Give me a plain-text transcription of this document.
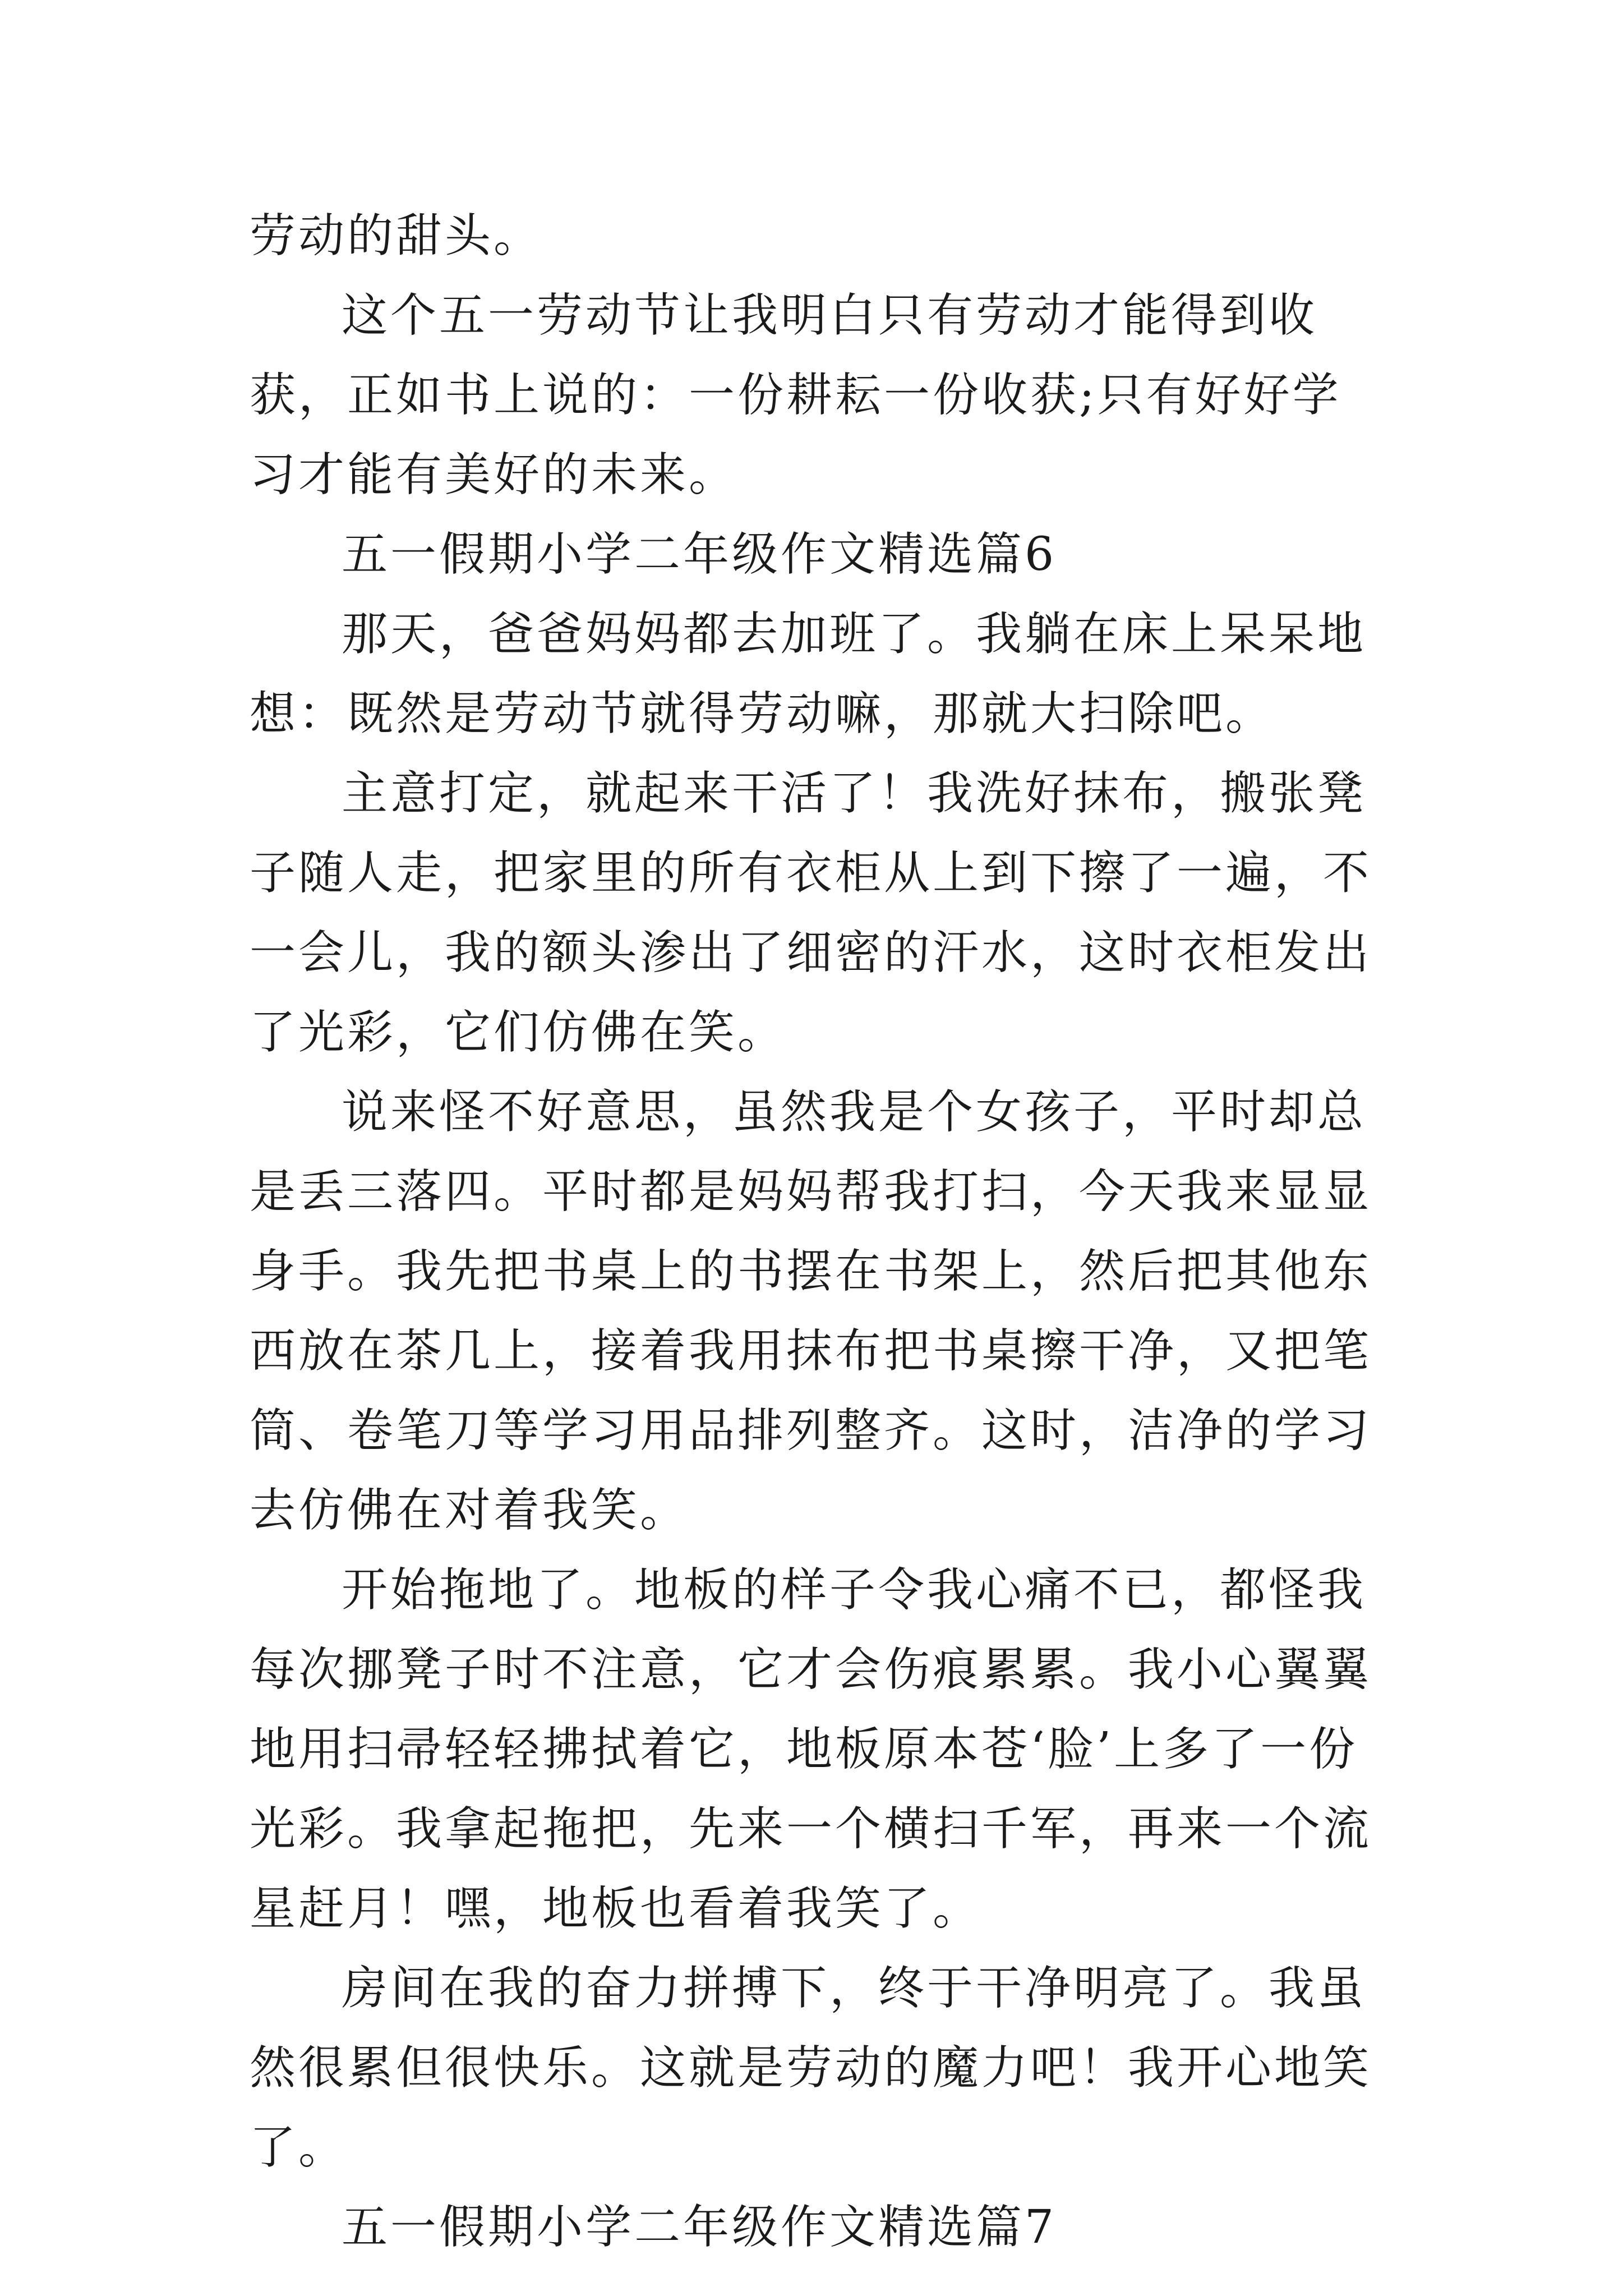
劳动的甜头。

这个五一劳动节让我明白只有劳动才能得到收获，正如书上说的：一份耕耘一份收获;只有好好学习才能有美好的未来。

五一假期小学二年级作文精选篇6

那天，爸爸妈妈都去加班了。我躺在床上呆呆地想：既然是劳动节就得劳动嘛，那就大扫除吧。

主意打定，就起来干活了！我洗好抹布，搬张凳子随人走，把家里的所有衣柜从上到下擦了一遍，不一会儿，我的额头渗出了细密的汗水，这时衣柜发出了光彩，它们仿佛在笑。

说来怪不好意思，虽然我是个女孩子，平时却总是丢三落四。平时都是妈妈帮我打扫，今天我来显显身手。我先把书桌上的书摆在书架上，然后把其他东西放在茶几上，接着我用抹布把书桌擦干净，又把笔筒、卷笔刀等学习用品排列整齐。这时，洁净的学习去仿佛在对着我笑。

开始拖地了。地板的样子令我心痛不已，都怪我每次挪凳子时不注意，它才会伤痕累累。我小心翼翼地用扫帚轻轻拂拭着它，地板原本苍‘脸’上多了一份光彩。我拿起拖把，先来一个横扫千军，再来一个流星赶月！嘿，地板也看着我笑了。

房间在我的奋力拼搏下，终于干净明亮了。我虽然很累但很快乐。这就是劳动的魔力吧！我开心地笑了。

五一假期小学二年级作文精选篇7
